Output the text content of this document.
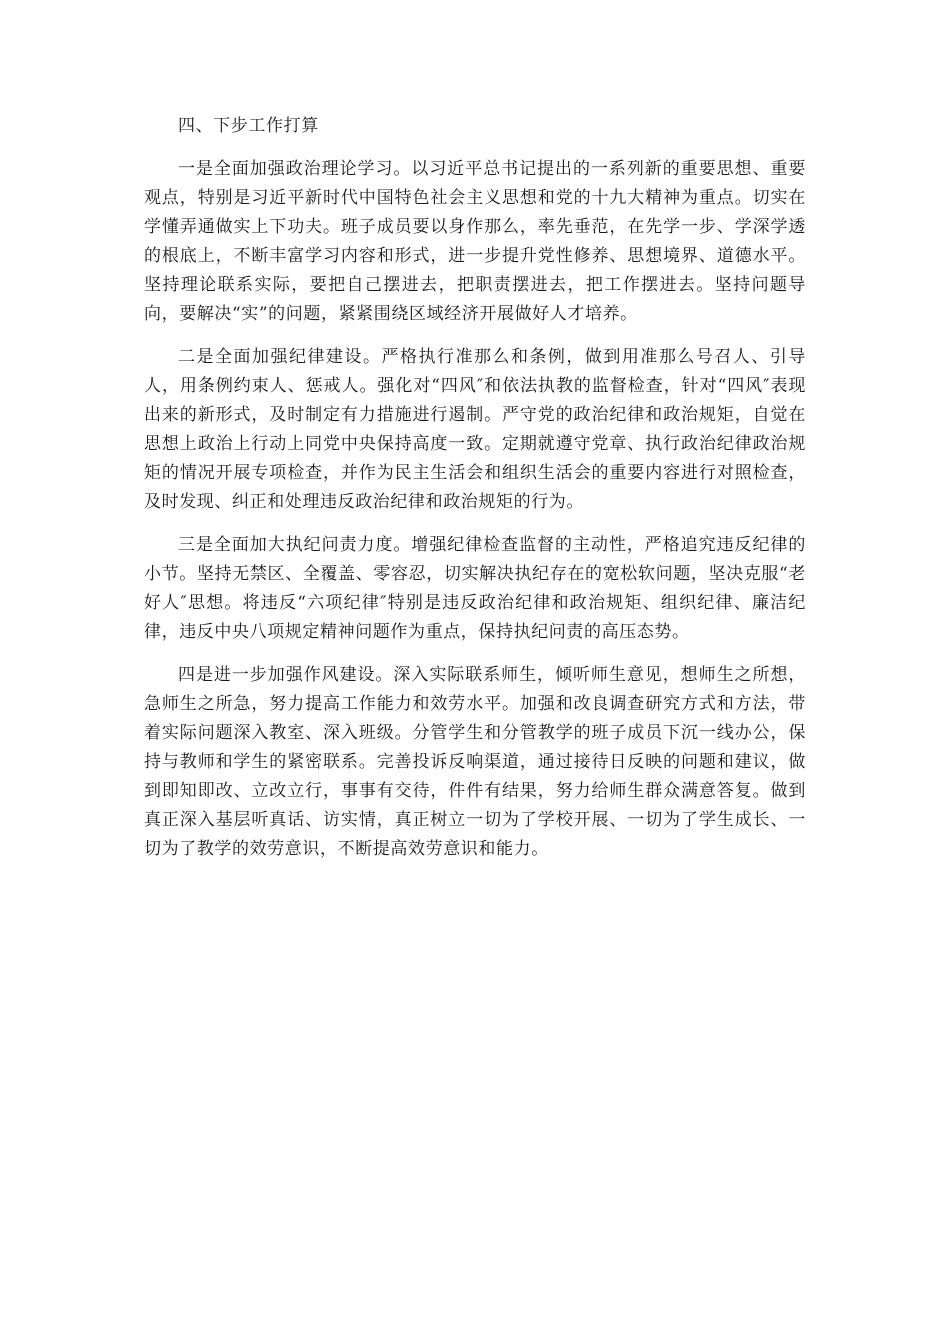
四、下步工作打算

一是全面加强政治理论学习。以习近平总书记提出的一系列新的重要思想、重要观点，特别是习近平新时代中国特色社会主义思想和党的十九大精神为重点。切实在学懂弄通做实上下功夫。班子成员要以身作那么，率先垂范，在先学一步、学深学透的根底上，不断丰富学习内容和形式，进一步提升党性修养、思想境界、道德水平。坚持理论联系实际，要把自己摆进去，把职责摆进去，把工作摆进去。坚持问题导向，要解决“实”的问题，紧紧围绕区域经济开展做好人才培养。

二是全面加强纪律建设。严格执行准那么和条例，做到用准那么号召人、引导人，用条例约束人、惩戒人。强化对“四风″和依法执教的监督检查，针对“四风″表现出来的新形式，及时制定有力措施进行遏制。严守党的政治纪律和政治规矩，自觉在思想上政治上行动上同党中央保持高度一致。定期就遵守党章、执行政治纪律政治规矩的情况开展专项检查，并作为民主生活会和组织生活会的重要内容进行对照检查，及时发现、纠正和处理违反政治纪律和政治规矩的行为。

三是全面加大执纪问责力度。增强纪律检查监督的主动性，严格追究违反纪律的小节。坚持无禁区、全覆盖、零容忍，切实解决执纪存在的宽松软问题，坚决克服“老好人″思想。将违反“六项纪律″特别是违反政治纪律和政治规矩、组织纪律、廉洁纪律，违反中央八项规定精神问题作为重点，保持执纪问责的高压态势。

四是进一步加强作风建设。深入实际联系师生，倾听师生意见，想师生之所想，急师生之所急，努力提高工作能力和效劳水平。加强和改良调查研究方式和方法，带着实际问题深入教室、深入班级。分管学生和分管教学的班子成员下沉一线办公，保持与教师和学生的紧密联系。完善投诉反响渠道，通过接待日反映的问题和建议，做到即知即改、立改立行，事事有交待，件件有结果，努力给师生群众满意答复。做到真正深入基层听真话、访实情，真正树立一切为了学校开展、一切为了学生成长、一切为了教学的效劳意识，不断提高效劳意识和能力。
